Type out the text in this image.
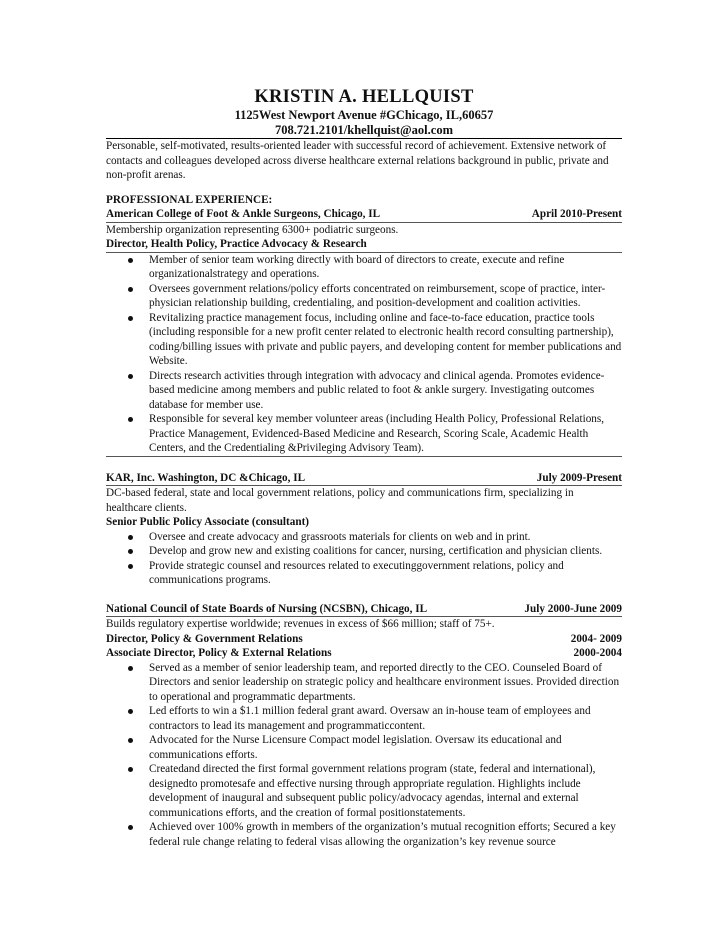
KRISTIN A. HELLQUIST
1125West Newport Avenue #GChicago, IL,60657
708.721.2101/khellquist@aol.com
Personable, self-motivated, results-oriented leader with successful record of achievement. Extensive network of contacts and colleagues developed across diverse healthcare external relations background in public, private and non-profit arenas.
PROFESSIONAL EXPERIENCE:
American College of Foot & Ankle Surgeons, Chicago, IL	April 2010-Present
Membership organization representing 6300+ podiatric surgeons.
Director, Health Policy, Practice Advocacy & Research
Member of senior team working directly with board of directors to create, execute and refine organizationalstrategy and operations.
Oversees government relations/policy efforts concentrated on reimbursement, scope of practice, inter-physician relationship building, credentialing, and position-development and coalition activities.
Revitalizing practice management focus, including online and face-to-face education, practice tools (including responsible for a new profit center related to electronic health record consulting partnership), coding/billing issues with private and public payers, and developing content for member publications and Website.
Directs research activities through integration with advocacy and clinical agenda. Promotes evidence-based medicine among members and public related to foot & ankle surgery. Investigating outcomes database for member use.
Responsible for several key member volunteer areas (including Health Policy, Professional Relations, Practice Management, Evidenced-Based Medicine and Research, Scoring Scale, Academic Health Centers, and the Credentialing &Privileging Advisory Team).
KAR, Inc. Washington, DC &Chicago, IL	July 2009-Present
DC-based federal, state and local government relations, policy and communications firm, specializing in healthcare clients.
Senior Public Policy Associate (consultant)
Oversee and create advocacy and grassroots materials for clients on web and in print.
Develop and grow new and existing coalitions for cancer, nursing, certification and physician clients.
Provide strategic counsel and resources related to executinggovernment relations, policy and communications programs.
National Council of State Boards of Nursing (NCSBN), Chicago, IL	July 2000-June 2009
Builds regulatory expertise worldwide; revenues in excess of $66 million; staff of 75+.
Director, Policy & Government Relations	2004- 2009
Associate Director, Policy & External Relations	2000-2004
Served as a member of senior leadership team, and reported directly to the CEO. Counseled Board of Directors and senior leadership on strategic policy and healthcare environment issues. Provided direction to operational and programmatic departments.
Led efforts to win a $1.1 million federal grant award. Oversaw an in-house team of employees and contractors to lead its management and programmaticcontent.
Advocated for the Nurse Licensure Compact model legislation. Oversaw its educational and communications efforts.
Createdand directed the first formal government relations program (state, federal and international), designedto promotesafe and effective nursing through appropriate regulation. Highlights include development of inaugural and subsequent public policy/advocacy agendas, internal and external communications efforts, and the creation of formal positionstatements.
Achieved over 100% growth in members of the organization’s mutual recognition efforts; Secured a key federal rule change relating to federal visas allowing the organization’s key revenue source
